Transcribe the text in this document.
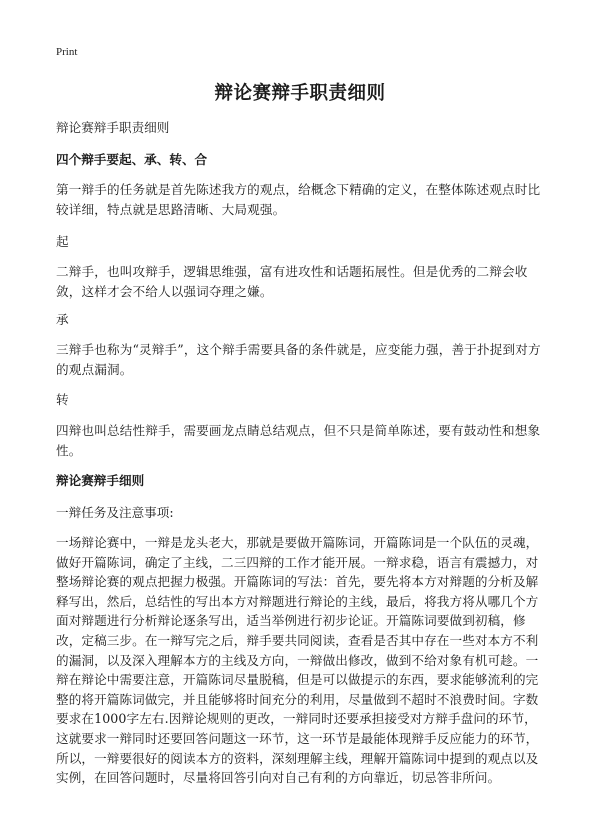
Print
辩论赛辩手职责细则
辩论赛辩手职责细则
四个辩手要起、承、转、合
第一辩手的任务就是首先陈述我方的观点，给概念下精确的定义，在整体陈述观点时比较详细，特点就是思路清晰、大局观强。
起
二辩手，也叫攻辩手，逻辑思维强，富有进攻性和话题拓展性。但是优秀的二辩会收敛，这样才会不给人以强词夺理之嫌。
承
三辩手也称为“灵辩手”，这个辩手需要具备的条件就是，应变能力强，善于扑捉到对方的观点漏洞。
转
四辩也叫总结性辩手，需要画龙点睛总结观点，但不只是简单陈述，要有鼓动性和想象性。
辩论赛辩手细则
一辩任务及注意事项:
一场辩论赛中，一辩是龙头老大，那就是要做开篇陈词，开篇陈词是一个队伍的灵魂，做好开篇陈词，确定了主线，二三四辩的工作才能开展。一辩求稳，语言有震撼力，对整场辩论赛的观点把握力极强。开篇陈词的写法：首先，要先将本方对辩题的分析及解释写出，然后，总结性的写出本方对辩题进行辩论的主线，最后，将我方将从哪几个方面对辩题进行分析辩论逐条写出，适当举例进行初步论证。开篇陈词要做到初稿，修改，定稿三步。在一辩写完之后，辩手要共同阅读，查看是否其中存在一些对本方不利的漏洞，以及深入理解本方的主线及方向，一辩做出修改，做到不给对象有机可趁。一辩在辩论中需要注意，开篇陈词尽量脱稿，但是可以做提示的东西，要求能够流利的完整的将开篇陈词做完，并且能够将时间充分的利用，尽量做到不超时不浪费时间。字数要求在1000字左右.因辩论规则的更改，一辩同时还要承担接受对方辩手盘问的环节，这就要求一辩同时还要回答问题这一环节，这一环节是最能体现辩手反应能力的环节，所以，一辩要很好的阅读本方的资料，深刻理解主线，理解开篇陈词中提到的观点以及实例，在回答问题时，尽量将回答引向对自己有利的方向靠近，切忌答非所问。
